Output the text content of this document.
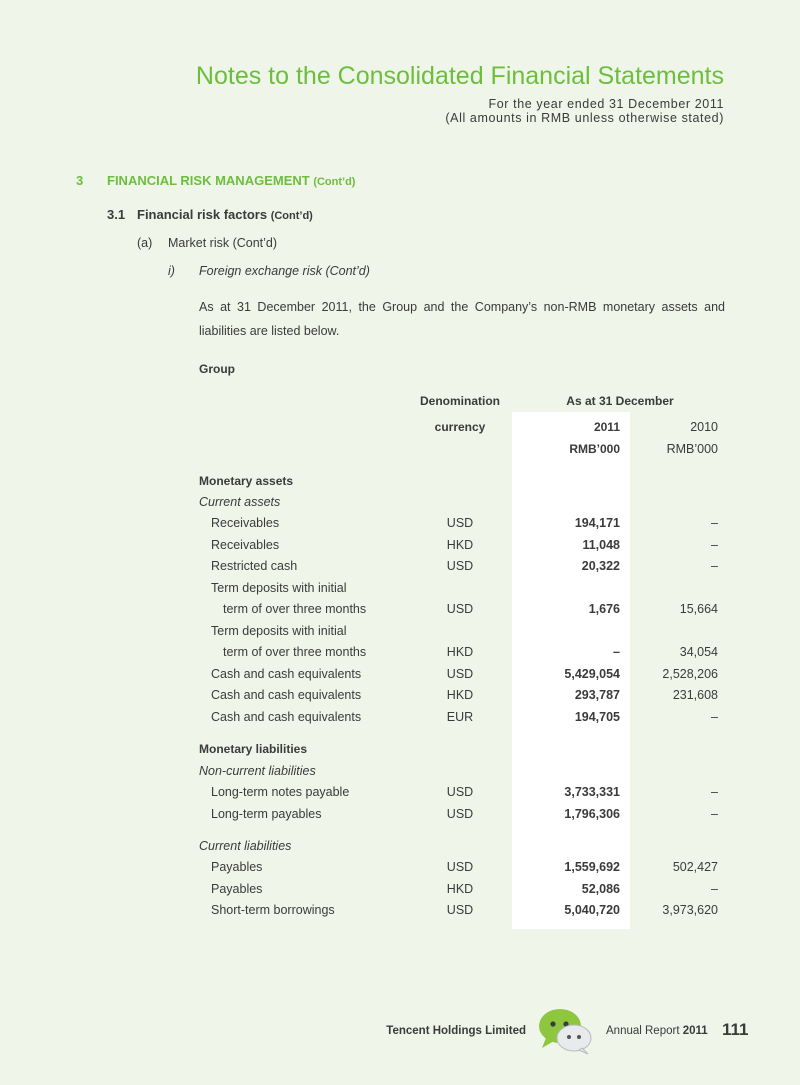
Notes to the Consolidated Financial Statements
For the year ended 31 December 2011
(All amounts in RMB unless otherwise stated)
3 FINANCIAL RISK MANAGEMENT (Cont’d)
3.1 Financial risk factors (Cont’d)
(a) Market risk (Cont’d)
i) Foreign exchange risk (Cont’d)
As at 31 December 2011, the Group and the Company’s non-RMB monetary assets and liabilities are listed below.
Group
Denomination
currency
As at 31 December
2011	2010
RMB’000	RMB’000
Monetary assets
Current assets
Receivables	USD	194,171	–
Receivables	HKD	11,048	–
Restricted cash	USD	20,322	–
Term deposits with initial
term of over three months	USD	1,676	15,664
Term deposits with initial
term of over three months	HKD	–	34,054
Cash and cash equivalents	USD	5,429,054	2,528,206
Cash and cash equivalents	HKD	293,787	231,608
Cash and cash equivalents	EUR	194,705	–
Monetary liabilities
Non-current liabilities
Long-term notes payable	USD	3,733,331	–
Long-term payables	USD	1,796,306	–
Current liabilities
Payables	USD	1,559,692	502,427
Payables	HKD	52,086	–
Short-term borrowings	USD	5,040,720	3,973,620
Tencent Holdings Limited	Annual Report 2011 111
